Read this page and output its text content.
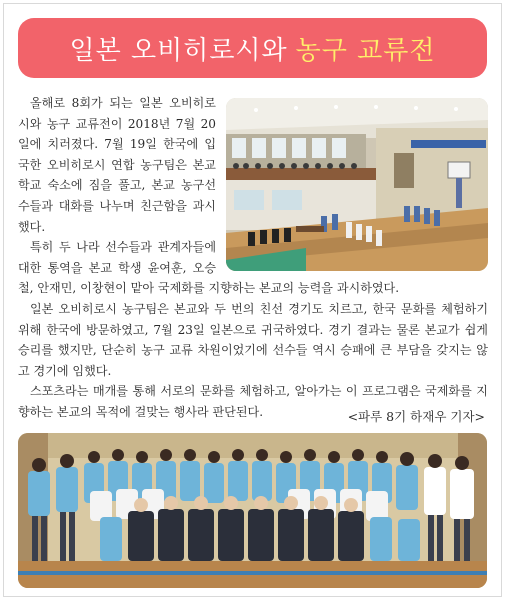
일본 오비히로시와 농구 교류전

올해로 8회가 되는 일본 오비히로시와 농구 교류전이 2018년 7월 20일에 치러졌다. 7월 19일 한국에 입국한 오비히로시 연합 농구팀은 본교 학교 숙소에 짐을 풀고, 본교 농구선수들과 대화를 나누며 친근함을 과시했다.

특히 두 나라 선수들과 관계자들에 대한 통역을 본교 학생 윤여훈, 오승철, 안재민, 이창현이 맡아 국제화를 지향하는 본교의 능력을 과시하였다.

일본 오비히로시 농구팀은 본교와 두 번의 친선 경기도 치르고, 한국 문화를 체험하기 위해 한국에 방문하였고, 7월 23일 일본으로 귀국하였다. 경기 결과는 물론 본교가 쉽게 승리를 했지만, 단순히 농구 교류 차원이었기에 선수들 역시 승패에 큰 부담을 갖지는 않고 경기에 임했다.

스포츠라는 매개를 통해 서로의 문화를 체험하고, 알아가는 이 프로그램은 국제화를 지향하는 본교의 목적에 걸맞는 행사라 판단된다.	<파루 8기 하재우 기자>
